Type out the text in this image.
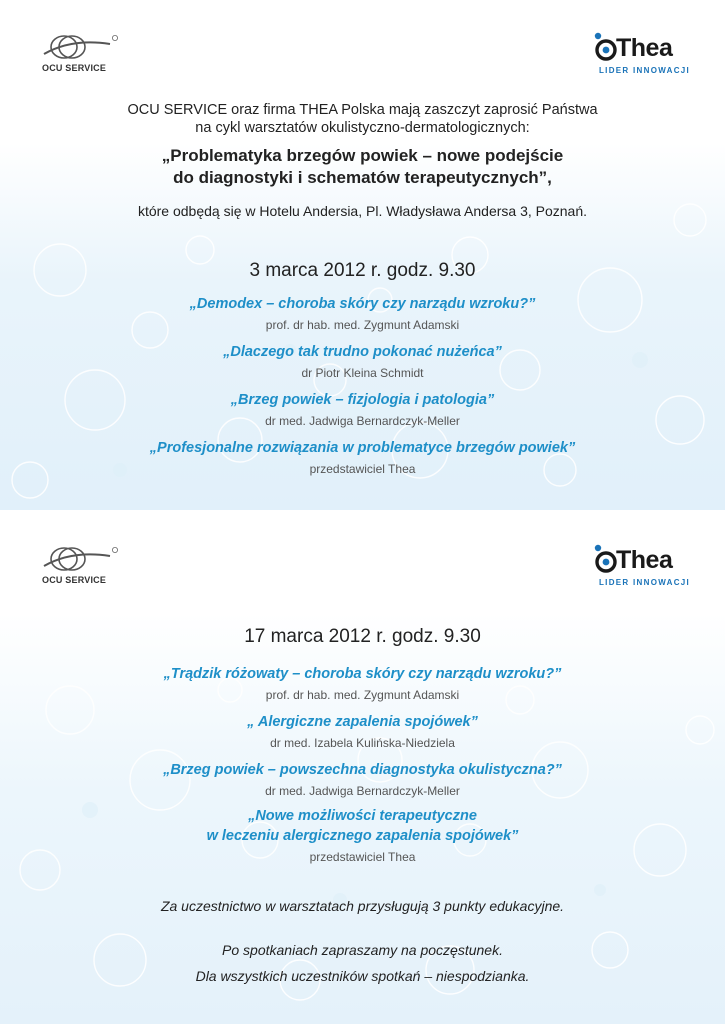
OCU SERVICE
Thea
LIDER INNOWACJI
OCU SERVICE oraz firma THEA Polska mają zaszczyt zaprosić Państwa
na cykl warsztatów okulistyczno-dermatologicznych:
„Problematyka brzegów powiek – nowe podejście
do diagnostyki i schematów terapeutycznych”,
które odbędą się w Hotelu Andersia, Pl. Władysława Andersa 3, Poznań.
3 marca 2012 r. godz. 9.30
„Demodex – choroba skóry czy narządu wzroku?”
prof. dr hab. med. Zygmunt Adamski
„Dlaczego tak trudno pokonać nużeńca”
dr Piotr Kleina Schmidt
„Brzeg powiek – fizjologia i patologia”
dr med. Jadwiga Bernardczyk-Meller
„Profesjonalne rozwiązania w problematyce brzegów powiek”
przedstawiciel Thea
OCU SERVICE
Thea
LIDER INNOWACJI
17 marca 2012 r. godz. 9.30
„Trądzik różowaty – choroba skóry czy narządu wzroku?”
prof. dr hab. med. Zygmunt Adamski
„ Alergiczne zapalenia spojówek”
dr med. Izabela Kulińska-Niedziela
„Brzeg powiek – powszechna diagnostyka okulistyczna?”
dr med. Jadwiga Bernardczyk-Meller
„Nowe możliwości terapeutyczne
w leczeniu alergicznego zapalenia spojówek”
przedstawiciel Thea
Za uczestnictwo w warsztatach przysługują 3 punkty edukacyjne.
Po spotkaniach zapraszamy na poczęstunek.
Dla wszystkich uczestników spotkań – niespodzianka.
